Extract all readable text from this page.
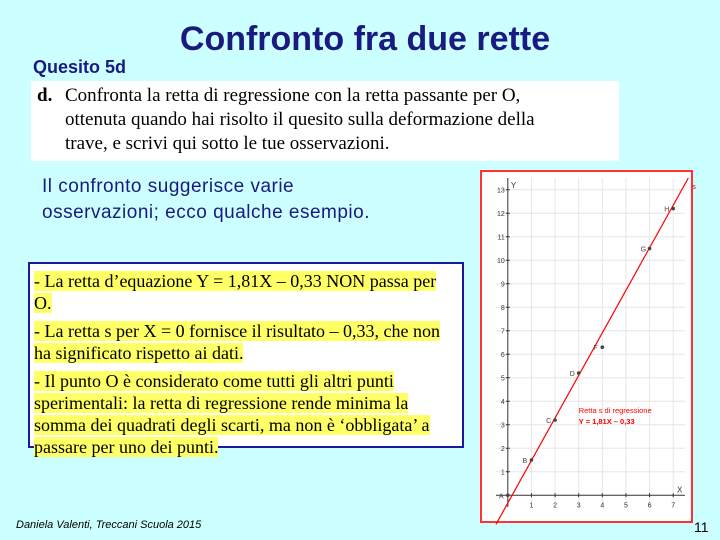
Quesito 5d
Confronto fra due rette
d. Confronta la retta di regressione con la retta passante per O,
ottenuta quando hai risolto il quesito sulla deformazione della
trave, e scrivi qui sotto le tue osservazioni.
Il confronto suggerisce varie osservazioni; ecco qualche esempio.
- La retta d’equazione Y = 1,81X – 0,33 NON passa per O.
- La retta s per X = 0 fornisce il risultato – 0,33, che non ha significato rispetto ai dati.
- Il punto O è considerato come tutti gli altri punti sperimentali: la retta di regressione rende minima la somma dei quadrati degli scarti, ma non è ‘obbligata’ a passare per uno dei punti.
1	2	3	4	5	6	7
1
2
3
4
5
6
7
8
9
10
11
12
13
Y
X
s
A
B
C
D
F
G
H
Retta s di regressione
Y = 1,81X – 0,33
Daniela Valenti, Treccani Scuola 2015	11
